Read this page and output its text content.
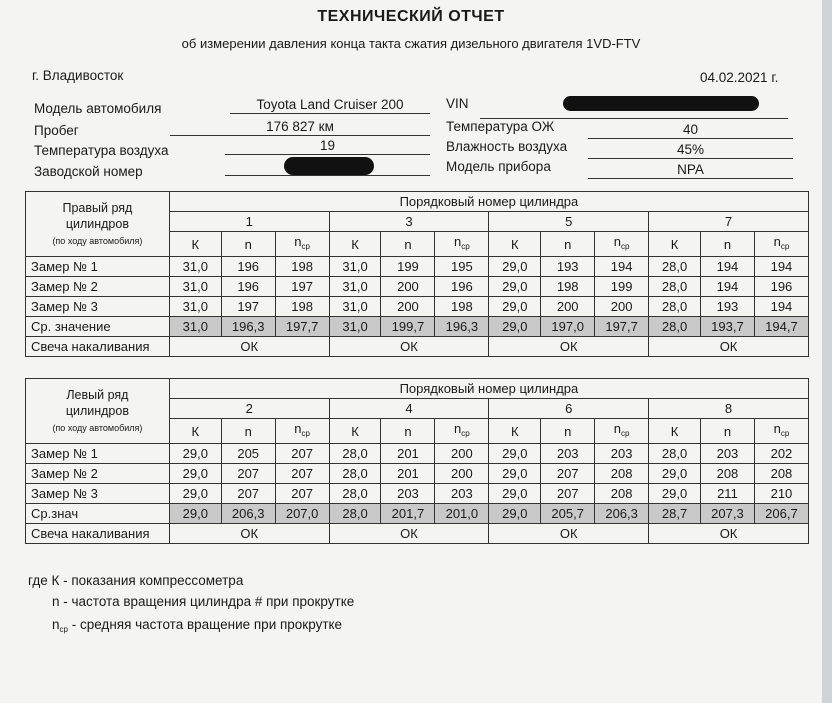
ТЕХНИЧЕСКИЙ ОТЧЕТ
об измерении давления конца такта сжатия дизельного двигателя 1VD-FTV
г. Владивосток	04.02.2021 г.
Модель автомобиля	Toyota Land Cruiser 200
Пробег	176 827 км
Температура воздуха	19
Заводской номер
VIN
Температура ОЖ	40
Влажность воздуха	45%
Модель прибора	NPA
Правый ряд цилиндров
(по ходу автомобиля)	Порядковый номер цилиндра											
	1			3			5			7		
	К	n	$n_{ср}$	К	n	$n_{ср}$	К	n	$n_{ср}$	К	n	$n_{ср}$
Замер № 1	31,0	196	198	31,0	199	195	29,0	193	194	28,0	194	194
Замер № 2	31,0	196	197	31,0	200	196	29,0	198	199	28,0	194	196
Замер № 3	31,0	197	198	31,0	200	198	29,0	200	200	28,0	193	194
Ср. значение	31,0	196,3	197,7	31,0	199,7	196,3	29,0	197,0	197,7	28,0	193,7	194,7
Свеча накаливания	ОК			ОК			ОК			ОК		
Левый ряд цилиндров
(по ходу автомобиля)	Порядковый номер цилиндра											
	2			4			6			8		
	К	n	$n_{ср}$	К	n	$n_{ср}$	К	n	$n_{ср}$	К	n	$n_{ср}$
Замер № 1	29,0	205	207	28,0	201	200	29,0	203	203	28,0	203	202
Замер № 2	29,0	207	207	28,0	201	200	29,0	207	208	29,0	208	208
Замер № 3	29,0	207	207	28,0	203	203	29,0	207	208	29,0	211	210
Ср.знач	29,0	206,3	207,0	28,0	201,7	201,0	29,0	205,7	206,3	28,7	207,3	206,7
Свеча накаливания	ОК			ОК			ОК			ОК		
где К - показания компрессометра
n - частота вращения цилиндра # при прокрутке
$n_{ср}$ - средняя частота вращение при прокрутке
